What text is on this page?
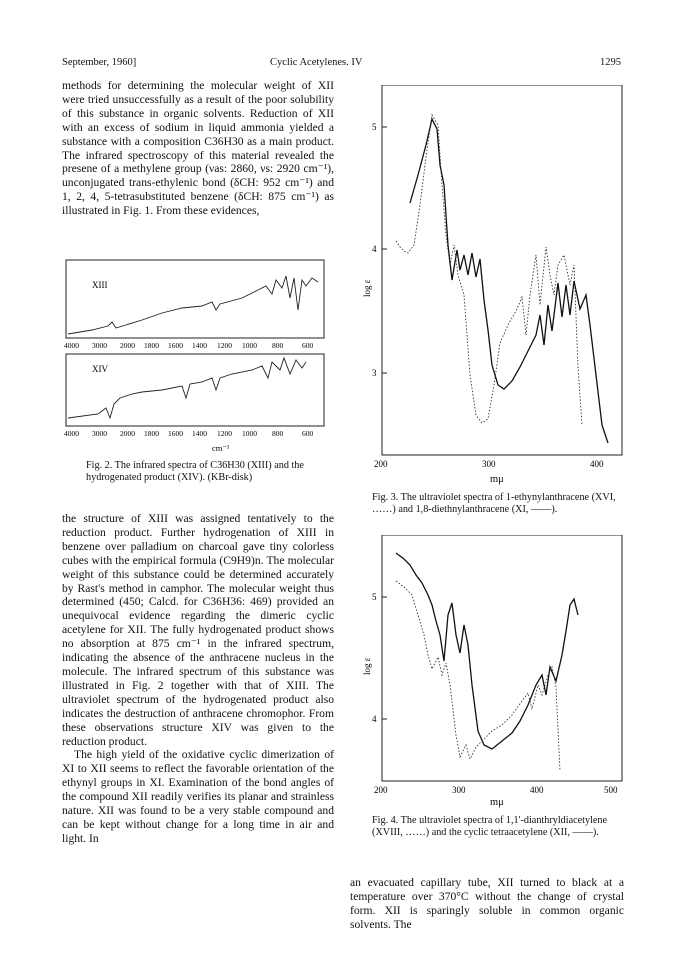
September, 1960]	Cyclic Acetylenes. IV	1295

methods for determining the molecular weight of XII were tried unsuccessfully as a result of the poor solubility of this substance in organic solvents. Reduction of XII with an excess of sodium in liquid ammonia yielded a substance with a composition C36H30 as a main product. The infrared spectroscopy of this material revealed the presene of a methylene group (νas: 2860, νs: 2920 cm⁻¹), unconjugated trans-ethylenic bond (δCH: 952 cm⁻¹) and 1, 2, 4, 5-tetrasubstituted benzene (δCH: 875 cm⁻¹) as illustrated in Fig. 1. From these evidences,

XIII
4000 3000 2000 1800 1600 1400 1200 1000 800	600
XIV
4000 3000 2000 1800 1600 1400 1200 1000 800	600
cm⁻¹
Fig. 2. The infrared spectra of C36H30 (XIII) and the hydrogenated product (XIV). (KBr-disk)

the structure of XIII was assigned tentatively to the reduction product. Further hydrogenation of XIII in benzene over palladium on charcoal gave tiny colorless cubes with the empirical formula (C9H9)n. The molecular weight of this substance could be determined accurately by Rast's method in camphor. The molecular weight thus determined (450; Calcd. for C36H36: 469) provided an unequivocal evidence regarding the dimeric cyclic acetylene for XII. The fully hydrogenated product shows no absorption at 875 cm⁻¹ in the infrared spectrum, indicating the absence of the anthracene nucleus in the molecule. The infrared spectrum of this substance was illustrated in Fig. 2 together with that of XIII. The ultraviolet spectrum of the hydrogenated product also indicates the destruction of anthracene chromophor. From these observations structure XIV was given to the reduction product.

The high yield of the oxidative cyclic dimerization of XI to XII seems to reflect the favorable orientation of the ethynyl groups in XI. Examination of the bond angles of the compound XII readily verifies its planar and strainless nature. XII was found to be a very stable compound and can be kept without change for a long time in air and light. In

5
4
3
log ε
200	300	400
mμ
Fig. 3. The ultraviolet spectra of 1-ethynylanthracene (XVI, ……) and 1,8-diethnylanthracene (XI, ——).
5
4
log ε
200	300	400	500
mμ
Fig. 4. The ultraviolet spectra of 1,1'-dianthryldiacetylene (XVIII, ……) and the cyclic tetraacetylene (XII, ——).

an evacuated capillary tube, XII turned to black at a temperature over 370°C without the change of crystal form. XII is sparingly soluble in common organic solvents. The
